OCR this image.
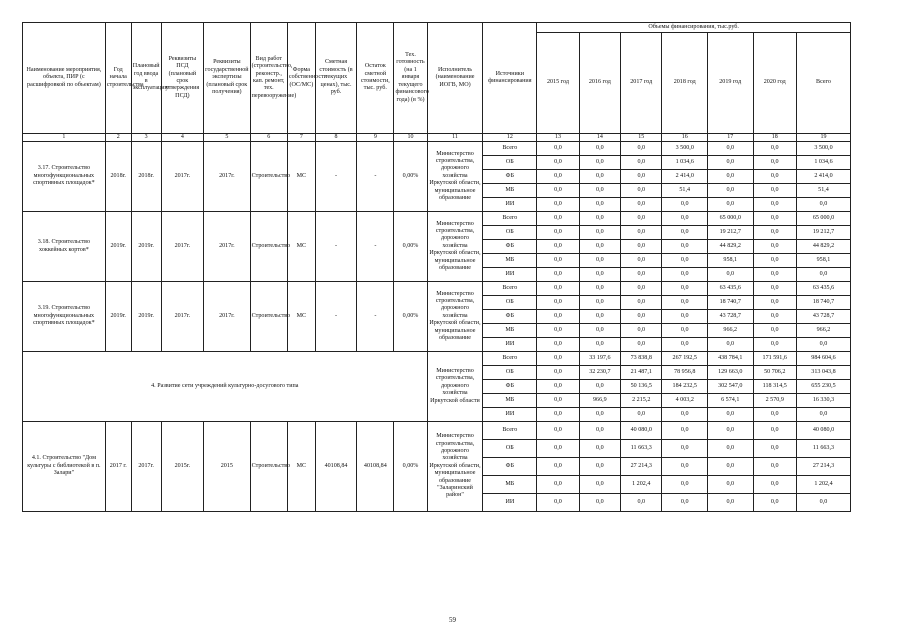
Наименование мероприятия, объекта, ПИР (с расшифровкой по объектам)	Год начала строительства	Плановый год ввода в эксплуатацию	Реквизиты ПСД (плановый срок утверждения ПСД)	Реквизиты государственной экспертизы (плановый срок получения)	Вид работ (строительство, реконстр., кап. ремонт, тех. перевооружение)	Форма собственности (ОС/МС)	Сметная стоимость (в текущих ценах), тыс. руб.	Остаток сметной стоимости, тыс. руб.	Тех. готовность (на 1 января текущего финансового года) (в %)	Исполнитель (наименование ИОГВ, МО)	Источники финансирования	Объемы финансирования, тыс.руб.						
												2015 год	2016 год	2017 год	2018 год	2019 год	2020 год	Всего
1	2	3	4	5	6	7	8	9	10	11	12	13	14	15	16	17	18	19
3.17. Строительство многофункциональных спортивных площадок*	2018г.	2018г.	2017г.	2017г.	Строительство	МС	-	-	0,00%	Министерство строительства, дорожного хозяйства Иркутской области, муниципальное образование	Всего	0,0	0,0	0,0	3 500,0	0,0	0,0	3 500,0
											ОБ	0,0	0,0	0,0	1 034,6	0,0	0,0	1 034,6
											ФБ	0,0	0,0	0,0	2 414,0	0,0	0,0	2 414,0
											МБ	0,0	0,0	0,0	51,4	0,0	0,0	51,4
											ИИ	0,0	0,0	0,0	0,0	0,0	0,0	0,0
3.18. Строительство хоккейных кортов*	2019г.	2019г.	2017г.	2017г.	Строительство	МС	-	-	0,00%	Министерство строительства, дорожного хозяйства Иркутской области, муниципальное образование	Всего	0,0	0,0	0,0	0,0	65 000,0	0,0	65 000,0
											ОБ	0,0	0,0	0,0	0,0	19 212,7	0,0	19 212,7
											ФБ	0,0	0,0	0,0	0,0	44 829,2	0,0	44 829,2
											МБ	0,0	0,0	0,0	0,0	958,1	0,0	958,1
											ИИ	0,0	0,0	0,0	0,0	0,0	0,0	0,0
3.19. Строительство многофункциональных спортивных площадок*	2019г.	2019г.	2017г.	2017г.	Строительство	МС	-	-	0,00%	Министерство строительства, дорожного хозяйства Иркутской области, муниципальное образование	Всего	0,0	0,0	0,0	0,0	63 435,6	0,0	63 435,6
											ОБ	0,0	0,0	0,0	0,0	18 740,7	0,0	18 740,7
											ФБ	0,0	0,0	0,0	0,0	43 728,7	0,0	43 728,7
											МБ	0,0	0,0	0,0	0,0	966,2	0,0	966,2
											ИИ	0,0	0,0	0,0	0,0	0,0	0,0	0,0
4. Развитие сети учреждений культурно-досугового типа										Министерство строительства, дорожного хозяйства Иркутской области	Всего	0,0	33 197,6	73 838,8	267 192,5	438 784,1	171 591,6	984 604,6
											ОБ	0,0	32 230,7	21 487,1	78 956,8	129 663,0	50 706,2	313 043,8
											ФБ	0,0	0,0	50 136,5	184 232,5	302 547,0	118 314,5	655 230,5
											МБ	0,0	966,9	2 215,2	4 003,2	6 574,1	2 570,9	16 330,3
											ИИ	0,0	0,0	0,0	0,0	0,0	0,0	0,0
4.1. Строительство "Дом культуры с библиотекой в п. Залари"	2017 г.	2017г.	2015г.	2015	Строительство	МС	40108,84	40108,84	0,00%	Министерство строительства, дорожного хозяйства Иркутской области, муниципальное образование "Заларинский район"	Всего	0,0	0,0	40 080,0	0,0	0,0	0,0	40 080,0
											ОБ	0,0	0,0	11 663,3	0,0	0,0	0,0	11 663,3
											ФБ	0,0	0,0	27 214,3	0,0	0,0	0,0	27 214,3
											МБ	0,0	0,0	1 202,4	0,0	0,0	0,0	1 202,4
											ИИ	0,0	0,0	0,0	0,0	0,0	0,0	0,0
59
